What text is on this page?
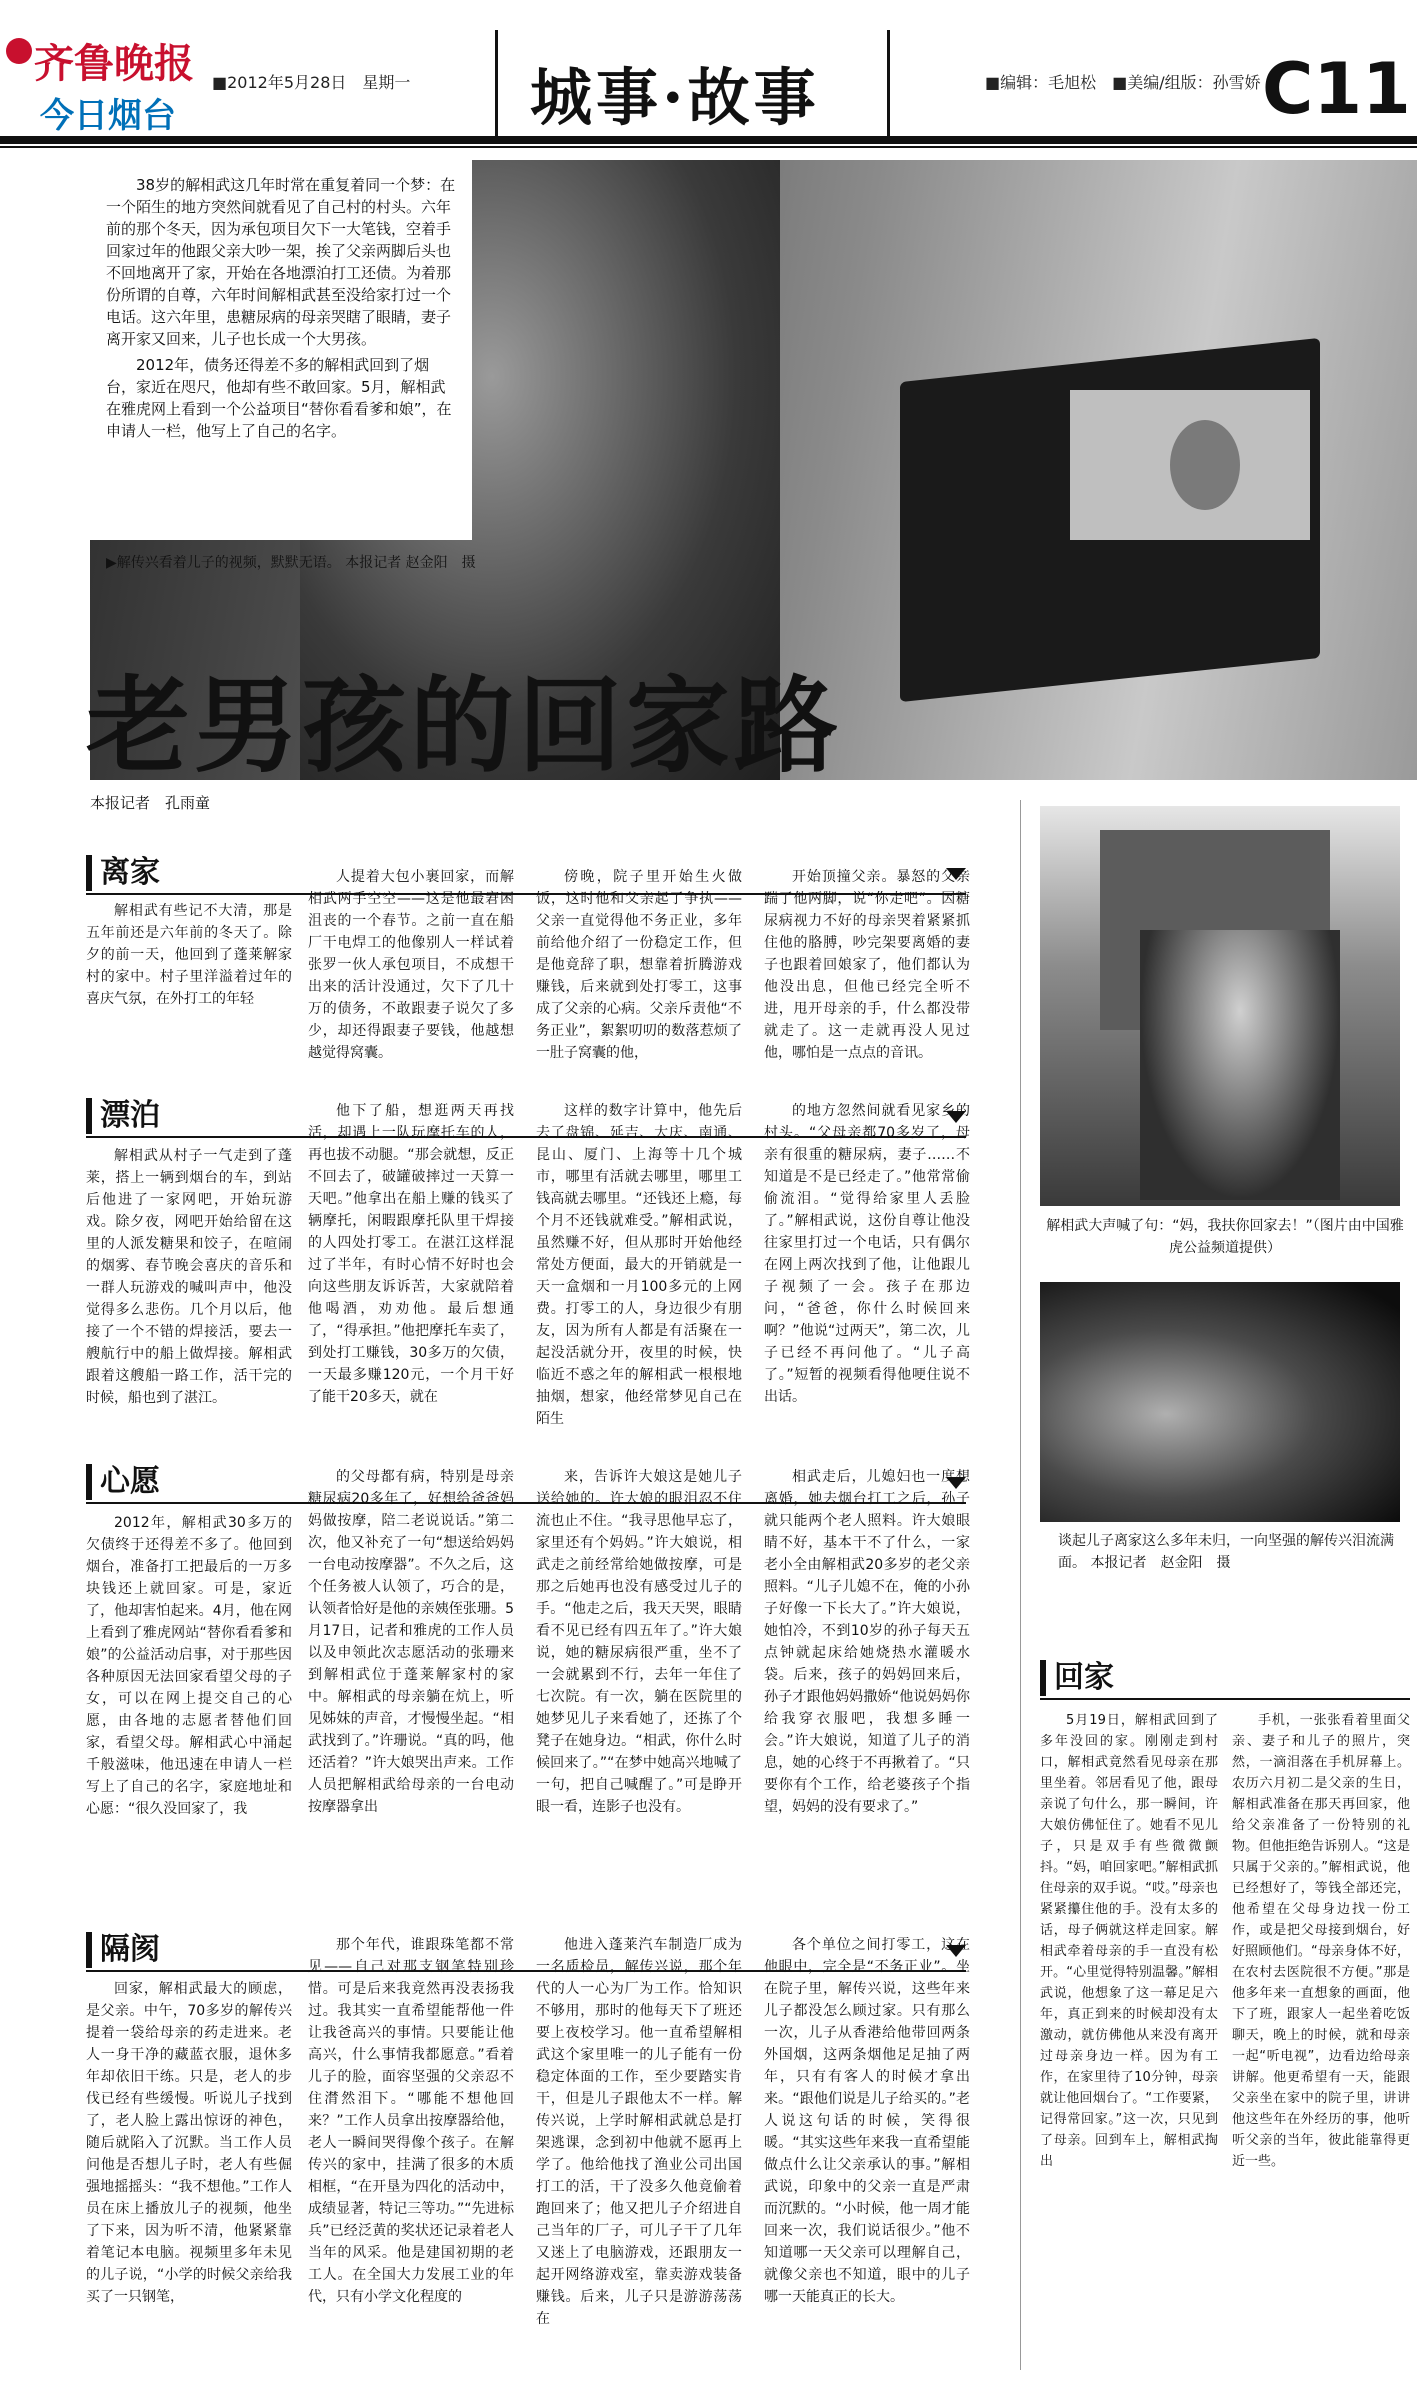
齐鲁晚报
今日烟台
■2012年5月28日　星期一 城事·故事	■编辑：毛旭松　■美编/组版：孙雪娇 C11

38岁的解相武这几年时常在重复着同一个梦：在一个陌生的地方突然间就看见了自己村的村头。六年前的那个冬天，因为承包项目欠下一大笔钱，空着手回家过年的他跟父亲大吵一架，挨了父亲两脚后头也不回地离开了家，开始在各地漂泊打工还债。为着那份所谓的自尊，六年时间解相武甚至没给家打过一个电话。这六年里，患糖尿病的母亲哭瞎了眼睛，妻子离开家又回来，儿子也长成一个大男孩。

2012年，债务还得差不多的解相武回到了烟台，家近在咫尺，他却有些不敢回家。5月，解相武在雅虎网上看到一个公益项目“替你看看爹和娘”，在申请人一栏，他写上了自己的名字。

▶解传兴看着儿子的视频，默默无语。 本报记者 赵金阳　摄
老男孩的回家路
本报记者　孔雨童
解相武大声喊了句：“妈，我扶你回家去！”（图片由中国雅虎公益频道提供）
谈起儿子离家这么多年未归，一向坚强的解传兴泪流满面。 本报记者　赵金阳　摄
离家

解相武有些记不大清，那是五年前还是六年前的冬天了。除夕的前一天，他回到了蓬莱解家村的家中。村子里洋溢着过年的喜庆气氛，在外打工的年轻

人提着大包小裹回家，而解相武两手空空——这是他最窘困沮丧的一个春节。之前一直在船厂干电焊工的他像别人一样试着张罗一伙人承包项目，不成想干出来的活计没通过，欠下了几十万的债务，不敢跟妻子说欠了多少，却还得跟妻子要钱，他越想越觉得窝囊。

傍晚，院子里开始生火做饭，这时他和父亲起了争执——父亲一直觉得他不务正业，多年前给他介绍了一份稳定工作，但是他竟辞了职，想靠着折腾游戏赚钱，后来就到处打零工，这事成了父亲的心病。父亲斥责他“不务正业”，絮絮叨叨的数落惹烦了一肚子窝囊的他，

开始顶撞父亲。暴怒的父亲踹了他两脚，说“你走吧”。因糖尿病视力不好的母亲哭着紧紧抓住他的胳膊，吵完架要离婚的妻子也跟着回娘家了，他们都认为他没出息，但他已经完全听不进，甩开母亲的手，什么都没带就走了。这一走就再没人见过他，哪怕是一点点的音讯。

漂泊

解相武从村子一气走到了蓬莱，搭上一辆到烟台的车，到站后他进了一家网吧，开始玩游戏。除夕夜，网吧开始给留在这里的人派发糖果和饺子，在喧闹的烟雾、春节晚会喜庆的音乐和一群人玩游戏的喊叫声中，他没觉得多么悲伤。几个月以后，他接了一个不错的焊接活，要去一艘航行中的船上做焊接。解相武跟着这艘船一路工作，活干完的时候，船也到了湛江。

他下了船，想逛两天再找活，却遇上一队玩摩托车的人，再也拔不动腿。“那会就想，反正不回去了，破罐破摔过一天算一天吧。”他拿出在船上赚的钱买了辆摩托，闲暇跟摩托队里干焊接的人四处打零工。在湛江这样混过了半年，有时心情不好时也会向这些朋友诉诉苦，大家就陪着他喝酒，劝劝他。最后想通了，“得承担。”他把摩托车卖了，到处打工赚钱，30多万的欠债，一天最多赚120元，一个月干好了能干20多天，就在

这样的数字计算中，他先后去了盘锦、延吉、大庆、南通、昆山、厦门、上海等十几个城市，哪里有活就去哪里，哪里工钱高就去哪里。“还钱还上瘾，每个月不还钱就难受。”解相武说，虽然赚不好，但从那时开始他经常处方便面，最大的开销就是一天一盒烟和一月100多元的上网费。打零工的人，身边很少有朋友，因为所有人都是有活聚在一起没活就分开，夜里的时候，快临近不惑之年的解相武一根根地抽烟，想家，他经常梦见自己在陌生

的地方忽然间就看见家乡的村头。“父母亲都70多岁了，母亲有很重的糖尿病，妻子……不知道是不是已经走了。”他常常偷偷流泪。“觉得给家里人丢脸了。”解相武说，这份自尊让他没往家里打过一个电话，只有偶尔在网上两次找到了他，让他跟儿子视频了一会。孩子在那边问，“爸爸，你什么时候回来啊？”他说“过两天”，第二次，儿子已经不再问他了。“儿子高了。”短暂的视频看得他哽住说不出话。

心愿

2012年，解相武30多万的欠债终于还得差不多了。他回到烟台，准备打工把最后的一万多块钱还上就回家。可是，家近了，他却害怕起来。4月，他在网上看到了雅虎网站“替你看看爹和娘”的公益活动启事，对于那些因各种原因无法回家看望父母的子女，可以在网上提交自己的心愿，由各地的志愿者替他们回家，看望父母。解相武心中涌起千般滋味，他迅速在申请人一栏写上了自己的名字，家庭地址和心愿：“很久没回家了，我

的父母都有病，特别是母亲糖尿病20多年了，好想给爸爸妈妈做按摩，陪二老说说话。”第二次，他又补充了一句“想送给妈妈一台电动按摩器”。不久之后，这个任务被人认领了，巧合的是，认领者恰好是他的亲姨侄张珊。5月17日，记者和雅虎的工作人员以及申领此次志愿活动的张珊来到解相武位于蓬莱解家村的家中。解相武的母亲躺在炕上，听见姊妹的声音，才慢慢坐起。“相武找到了。”许珊说。“真的吗，他还活着？”许大娘哭出声来。工作人员把解相武给母亲的一台电动按摩器拿出

来，告诉许大娘这是她儿子送给她的。许大娘的眼泪忍不住流也止不住。“我寻思他早忘了，家里还有个妈妈。”许大娘说，相武走之前经常给她做按摩，可是那之后她再也没有感受过儿子的手。“他走之后，我天天哭，眼睛看不见已经有四五年了。”许大娘说，她的糖尿病很严重，坐不了一会就累到不行，去年一年住了七次院。有一次，躺在医院里的她梦见儿子来看她了，还拣了个凳子在她身边。“相武，你什么时候回来了。”“在梦中她高兴地喊了一句，把自己喊醒了。”可是睁开眼一看，连影子也没有。

相武走后，儿媳妇也一度想离婚，她去烟台打工之后，孙子就只能两个老人照料。许大娘眼睛不好，基本干不了什么，一家老小全由解相武20多岁的老父亲照料。“儿子儿媳不在，俺的小孙子好像一下长大了。”许大娘说，她怕冷，不到10岁的孙子每天五点钟就起床给她烧热水灌暖水袋。后来，孩子的妈妈回来后，孙子才跟他妈妈撒娇“他说妈妈你给我穿衣服吧，我想多睡一会。”许大娘说，知道了儿子的消息，她的心终于不再揪着了。“只要你有个工作，给老婆孩子个指望，妈妈的没有要求了。”

隔阂

回家，解相武最大的顾虑，是父亲。中午，70多岁的解传兴提着一袋给母亲的药走进来。老人一身干净的藏蓝衣服，退休多年却依旧干练。只是，老人的步伐已经有些缓慢。听说儿子找到了，老人脸上露出惊讶的神色，随后就陷入了沉默。当工作人员问他是否想儿子时，老人有些倔强地摇摇头：“我不想他。”工作人员在床上播放儿子的视频，他坐了下来，因为听不清，他紧紧靠着笔记本电脑。视频里多年未见的儿子说，“小学的时候父亲给我买了一只钢笔，

那个年代，谁跟珠笔都不常见——自己对那支钢笔特别珍惜。可是后来我竟然再没表扬我过。我其实一直希望能帮他一件让我爸高兴的事情。只要能让他高兴，什么事情我都愿意。”看着儿子的脸，面容坚强的父亲忍不住潸然泪下。“哪能不想他回来？”工作人员拿出按摩器给他，老人一瞬间哭得像个孩子。在解传兴的家中，挂满了很多的木质相框，“在开垦为四化的活动中，成绩显著，特记三等功。”“先进标兵”已经泛黄的奖状还记录着老人当年的风采。他是建国初期的老工人。在全国大力发展工业的年代，只有小学文化程度的

他进入蓬莱汽车制造厂成为一名质检员，解传兴说，那个年代的人一心为厂为工作。恰知识不够用，那时的他每天下了班还要上夜校学习。他一直希望解相武这个家里唯一的儿子能有一份稳定体面的工作，至少要踏实肯干，但是儿子跟他太不一样。解传兴说，上学时解相武就总是打架逃课，念到初中他就不愿再上学了。他给他找了渔业公司出国打工的活，干了没多久他竟偷着跑回来了；他又把儿子介绍进自己当年的厂子，可儿子干了几年又迷上了电脑游戏，还跟朋友一起开网络游戏室，靠卖游戏装备赚钱。后来，儿子只是游游荡荡在

各个单位之间打零工，这在他眼中，完全是“不务正业”。坐在院子里，解传兴说，这些年来儿子都没怎么顾过家。只有那么一次，儿子从香港给他带回两条外国烟，这两条烟他足足抽了两年，只有有客人的时候才拿出来。“跟他们说是儿子给买的。”老人说这句话的时候，笑得很暖。“其实这些年来我一直希望能做点什么让父亲承认的事。”解相武说，印象中的父亲一直是严肃而沉默的。“小时候，他一周才能回来一次，我们说话很少。”他不知道哪一天父亲可以理解自己，就像父亲也不知道，眼中的儿子哪一天能真正的长大。

回家

5月19日，解相武回到了多年没回的家。刚刚走到村口，解相武竟然看见母亲在那里坐着。邻居看见了他，跟母亲说了句什么，那一瞬间，许大娘仿佛怔住了。她看不见儿子，只是双手有些微微颤抖。“妈，咱回家吧。”解相武抓住母亲的双手说。“哎。”母亲也紧紧攥住他的手。没有太多的话，母子俩就这样走回家。解相武牵着母亲的手一直没有松开。“心里觉得特别温馨。”解相武说，他想象了这一幕足足六年，真正到来的时候却没有太激动，就仿佛他从来没有离开过母亲身边一样。因为有工作，在家里待了10分钟，母亲就让他回烟台了。“工作要紧，记得常回家。”这一次，只见到了母亲。回到车上，解相武掏出

手机，一张张看着里面父亲、妻子和儿子的照片，突然，一滴泪落在手机屏幕上。农历六月初二是父亲的生日，解相武准备在那天再回家，他给父亲准备了一份特别的礼物。但他拒绝告诉别人。“这是只属于父亲的。”解相武说，他已经想好了，等钱全部还完，他希望在父母身边找一份工作，或是把父母接到烟台，好好照顾他们。“母亲身体不好，在农村去医院很不方便。”那是他多年来一直想象的画面，他下了班，跟家人一起坐着吃饭聊天，晚上的时候，就和母亲一起“听电视”，边看边给母亲讲解。他更希望有一天，能跟父亲坐在家中的院子里，讲讲他这些年在外经历的事，他听听父亲的当年，彼此能靠得更近一些。
